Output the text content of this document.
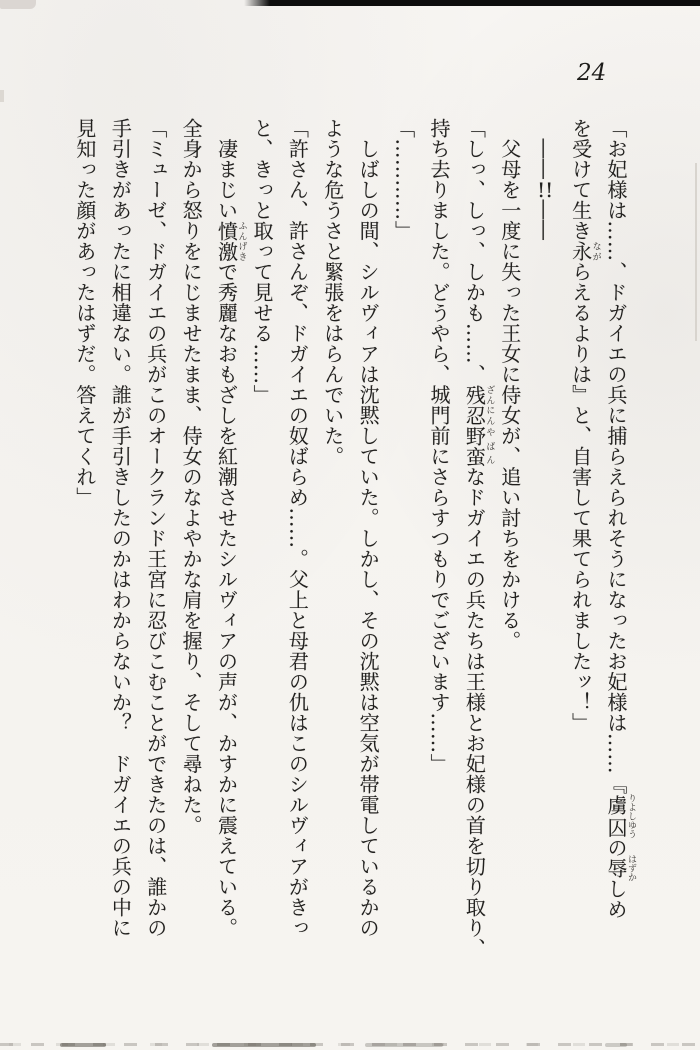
24
「お妃様は……、ドガイエの兵に捕らえられそうになったお妃様は……『虜囚りよしゆうの辱はずかしめ
を受けて生き永ながらえるよりは』と、自害して果てられましたッ！」
　――!!――
　父母を一度に失った王女に侍女が、追い討ちをかける。
「しっ、しっ、しかも……、残忍ざんにん野蛮やばんなドガイエの兵たちは王様とお妃様の首を切り取り、
持ち去りました。どうやら、城門前にさらすつもりでございます……」
「…………」
　しばしの間、シルヴィアは沈黙していた。しかし、その沈黙は空気が帯電しているかの
ような危うさと緊張をはらんでいた。
「許さん、許さんぞ、ドガイエの奴ばらめ……。父上と母君の仇はこのシルヴィアがきっ
と、きっと取って見せる……」
　凄まじい憤激ふんげきで秀麗なおもざしを紅潮させたシルヴィアの声が、かすかに震えている。
全身から怒りをにじませたまま、侍女のなよやかな肩を握り、そして尋ねた。
「ミューゼ、ドガイエの兵がこのオークランド王宮に忍びこむことができたのは、誰かの
手引きがあったに相違ない。誰が手引きしたのかはわからないか？　ドガイエの兵の中に
見知った顔があったはずだ。答えてくれ」
